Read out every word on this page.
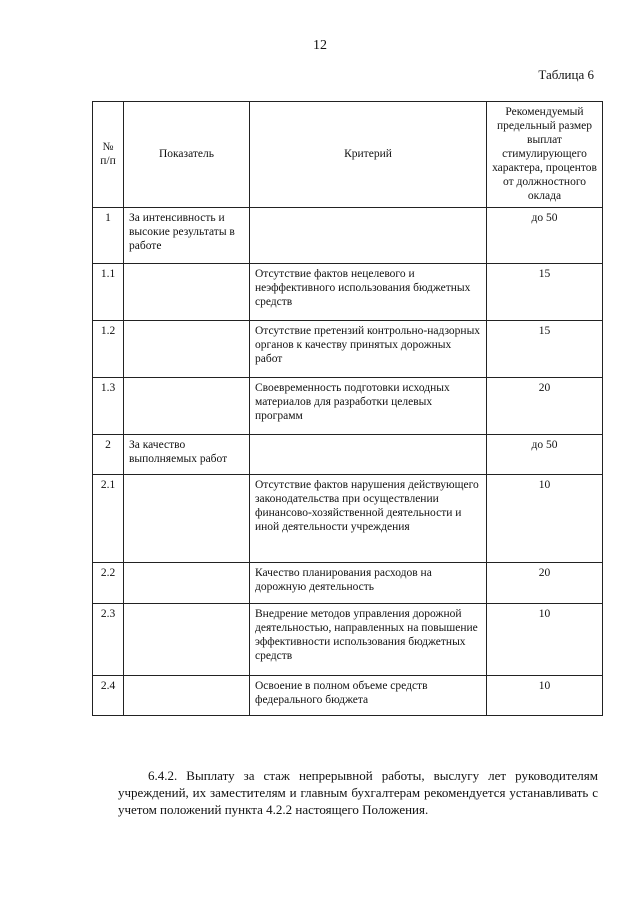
12
Таблица 6
№ п/п	Показатель	Критерий	Рекомендуемый предельный размер выплат стимулирующего характера, процентов от должностного оклада
1	За интенсивность и высокие результаты в работе		до 50
1.1		Отсутствие фактов нецелевого и неэффективного использования бюджетных средств	15
1.2		Отсутствие претензий контрольно-надзорных органов к качеству принятых дорожных работ	15
1.3		Своевременность подготовки исходных материалов для разработки целевых программ	20
2	За качество выполняемых работ		до 50
2.1		Отсутствие фактов нарушения действующего законодательства при осуществлении финансово-хозяйственной деятельности и иной деятельности учреждения	10
2.2		Качество планирования расходов на дорожную деятельность	20
2.3		Внедрение методов управления дорожной деятельностью, направленных на повышение эффективности использования бюджетных средств	10
2.4		Освоение в полном объеме средств федерального бюджета	10

6.4.2. Выплату за стаж непрерывной работы, выслугу лет руководителям учреждений, их заместителям и главным бухгалтерам рекомендуется устанавливать с учетом положений пункта 4.2.2 настоящего Положения.
